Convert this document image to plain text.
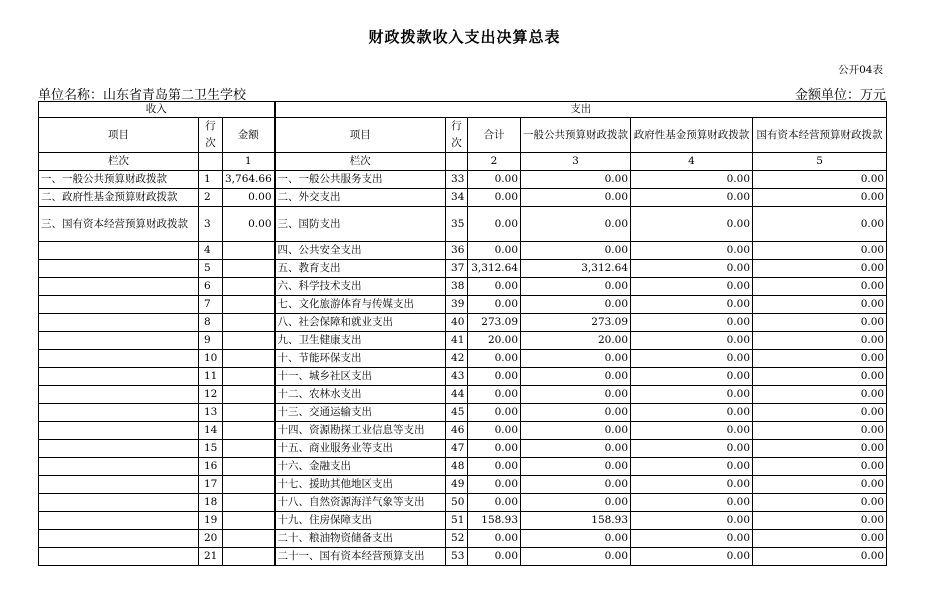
财政拨款收入支出决算总表
公开04表
单位名称：山东省青岛第二卫生学校	金额单位：万元
收入			支出					
项目	行次	金额	项目	行次	合计	一般公共预算财政拨款	政府性基金预算财政拨款	国有资本经营预算财政拨款
栏次		1	栏次		2	3	4	5
一、一般公共预算财政拨款	1	3,764.66	一、一般公共服务支出	33	0.00	0.00	0.00	0.00
二、政府性基金预算财政拨款	2	0.00	二、外交支出	34	0.00	0.00	0.00	0.00
三、国有资本经营预算财政拨款	3	0.00	三、国防支出	35	0.00	0.00	0.00	0.00
	4		四、公共安全支出	36	0.00	0.00	0.00	0.00
	5		五、教育支出	37	3,312.64	3,312.64	0.00	0.00
	6		六、科学技术支出	38	0.00	0.00	0.00	0.00
	7		七、文化旅游体育与传媒支出	39	0.00	0.00	0.00	0.00
	8		八、社会保障和就业支出	40	273.09	273.09	0.00	0.00
	9		九、卫生健康支出	41	20.00	20.00	0.00	0.00
	10		十、节能环保支出	42	0.00	0.00	0.00	0.00
	11		十一、城乡社区支出	43	0.00	0.00	0.00	0.00
	12		十二、农林水支出	44	0.00	0.00	0.00	0.00
	13		十三、交通运输支出	45	0.00	0.00	0.00	0.00
	14		十四、资源勘探工业信息等支出	46	0.00	0.00	0.00	0.00
	15		十五、商业服务业等支出	47	0.00	0.00	0.00	0.00
	16		十六、金融支出	48	0.00	0.00	0.00	0.00
	17		十七、援助其他地区支出	49	0.00	0.00	0.00	0.00
	18		十八、自然资源海洋气象等支出	50	0.00	0.00	0.00	0.00
	19		十九、住房保障支出	51	158.93	158.93	0.00	0.00
	20		二十、粮油物资储备支出	52	0.00	0.00	0.00	0.00
	21		二十一、国有资本经营预算支出	53	0.00	0.00	0.00	0.00
